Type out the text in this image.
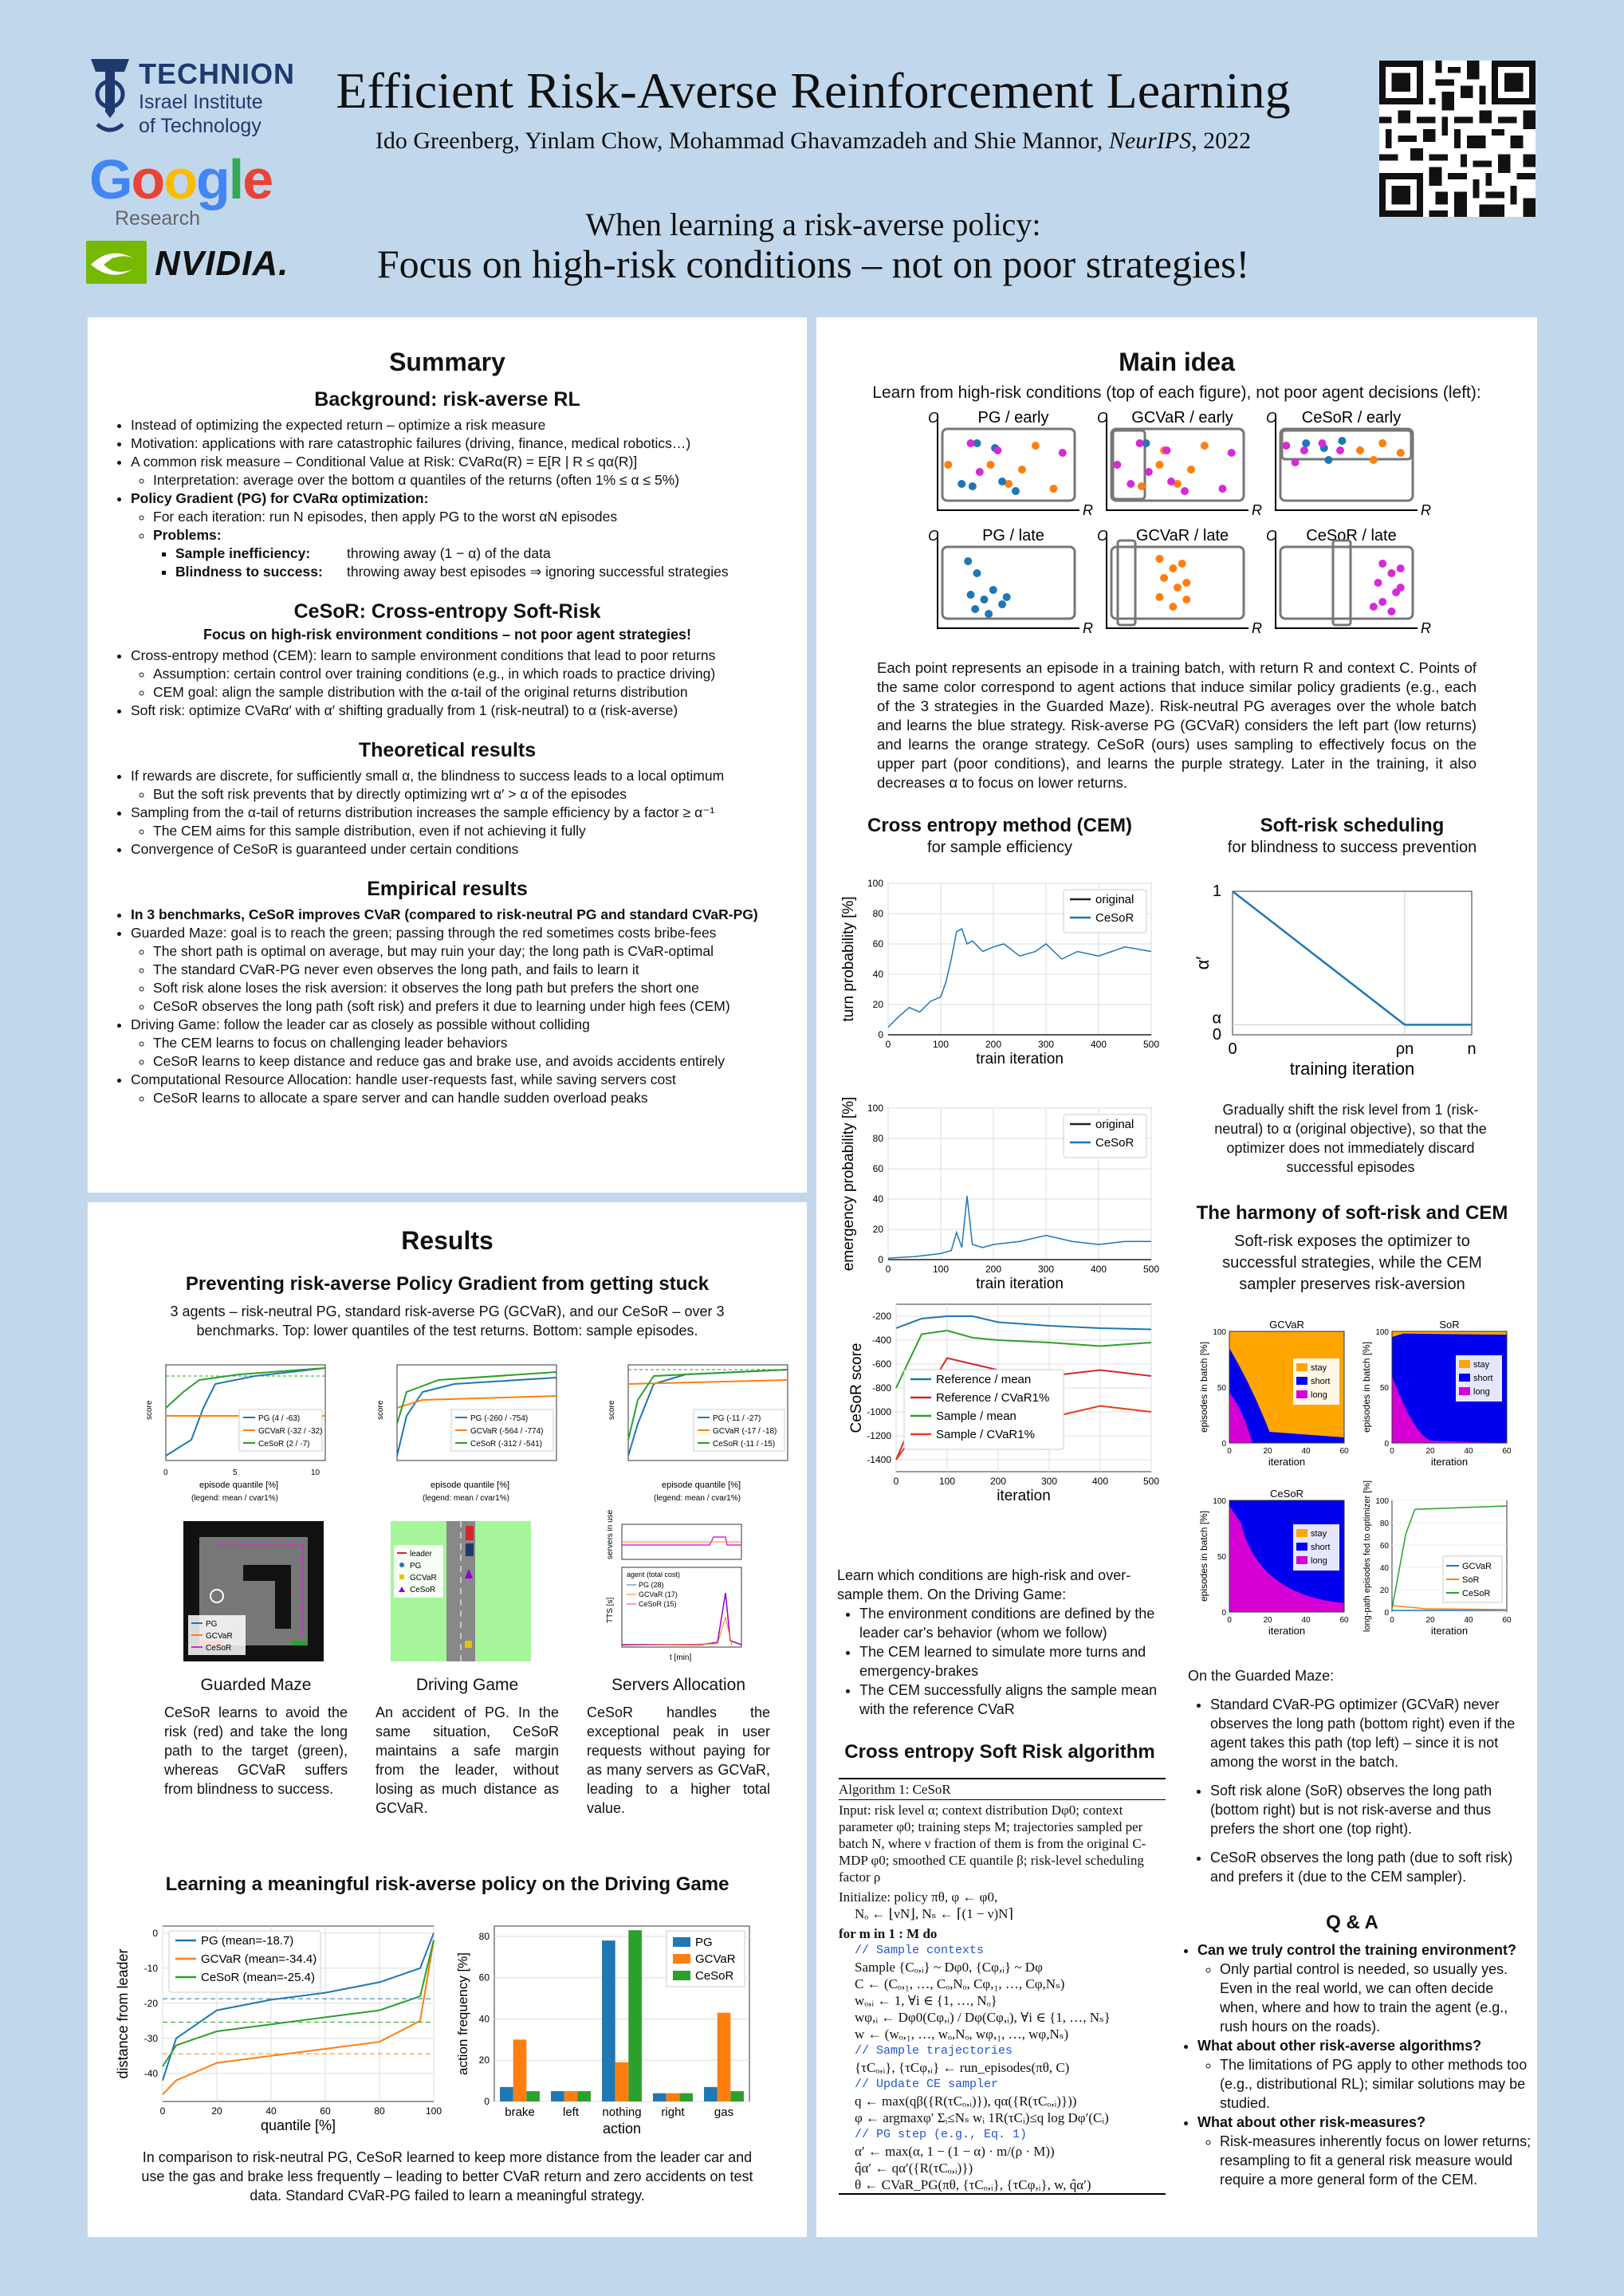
TECHNION
Israel Institute
of Technology
Google
Research
NVIDIA.
Efficient Risk-Averse Reinforcement Learning
Ido Greenberg, Yinlam Chow, Mohammad Ghavamzadeh and Shie Mannor, NeurIPS, 2022
When learning a risk-averse policy:
Focus on high-risk conditions – not on poor strategies!
Summary
Background: risk-averse RL
• Instead of optimizing the expected return – optimize a risk measure
• Motivation: applications with rare catastrophic failures (driving, finance, medical robotics…)
• A common risk measure – Conditional Value at Risk: CVaRα(R) = E[R | R ≤ qα(R)]
◦ Interpretation: average over the bottom α quantiles of the returns (often 1% ≤ α ≤ 5%)
• Policy Gradient (PG) for CVaRα optimization:
◦ For each iteration: run N episodes, then apply PG to the worst αN episodes
◦ Problems:
▪ Sample inefficiency:	throwing away (1 − α) of the data
▪ Blindness to success:	throwing away best episodes ⇒ ignoring successful strategies
CeSoR: Cross-entropy Soft-Risk
Focus on high-risk environment conditions – not poor agent strategies!
• Cross-entropy method (CEM): learn to sample environment conditions that lead to poor returns
◦ Assumption: certain control over training conditions (e.g., in which roads to practice driving)
◦ CEM goal: align the sample distribution with the α-tail of the original returns distribution
• Soft risk: optimize CVaRα′ with α′ shifting gradually from 1 (risk-neutral) to α (risk-averse)
Theoretical results
• If rewards are discrete, for sufficiently small α, the blindness to success leads to a local optimum
◦ But the soft risk prevents that by directly optimizing wrt α′ > α of the episodes
• Sampling from the α-tail of returns distribution increases the sample efficiency by a factor ≥ α⁻¹
◦ The CEM aims for this sample distribution, even if not achieving it fully
• Convergence of CeSoR is guaranteed under certain conditions
Empirical results
• In 3 benchmarks, CeSoR improves CVaR (compared to risk-neutral PG and standard CVaR-PG)
• Guarded Maze: goal is to reach the green; passing through the red sometimes costs bribe-fees
◦ The short path is optimal on average, but may ruin your day; the long path is CVaR-optimal
◦ The standard CVaR-PG never even observes the long path, and fails to learn it
◦ Soft risk alone loses the risk aversion: it observes the long path but prefers the short one
◦ CeSoR observes the long path (soft risk) and prefers it due to learning under high fees (CEM)
• Driving Game: follow the leader car as closely as possible without colliding
◦ The CEM learns to focus on challenging leader behaviors
◦ CeSoR learns to keep distance and reduce gas and brake use, and avoids accidents entirely
• Computational Resource Allocation: handle user-requests fast, while saving servers cost
◦ CeSoR learns to allocate a spare server and can handle sudden overload peaks
Results
Preventing risk-averse Policy Gradient from getting stuck
3 agents – risk-neutral PG, standard risk-averse PG (GCVaR), and our CeSoR – over 3 benchmarks. Top: lower quantiles of the test returns. Bottom: sample episodes.
score
0	5	10
episode quantile [%]
(legend: mean / cvar1%)
PG (4 / -63)
GCVaR (-32 / -32)
CeSoR (2 / -7)
score
episode quantile [%]
(legend: mean / cvar1%)
PG (-260 / -754)
GCVaR (-564 / -774)
CeSoR (-312 / -541)
score
episode quantile [%]
(legend: mean / cvar1%)
PG (-11 / -27)
GCVaR (-17 / -18)
CeSoR (-11 / -15)
PG
GCVaR
CeSoR
leader
PG
GCVaR
CeSoR
servers in use
TTS [s]
agent (total cost)
PG (28)
GCVaR (17)
CeSoR (15)
t [min]
Guarded Maze
CeSoR learns to avoid the risk (red) and take the long path to the target (green), whereas GCVaR suffers from blindness to success.
Driving Game
An accident of PG. In the same situation, CeSoR maintains a safe margin from the leader, without losing as much distance as GCVaR.
Servers Allocation
CeSoR handles the exceptional peak in user requests without paying for as many servers as GCVaR, leading to a higher total value.
Learning a meaningful risk-averse policy on the Driving Game
-40
-30
-20
-10
0
0	20	40	60	80	100
quantile [%]
distance from leader
PG (mean=-18.7)
GCVaR (mean=-34.4)
CeSoR (mean=-25.4)
0
20
40
60
80
brake left nothing right gas
action
action frequency [%]
PG
GCVaR
CeSoR
In comparison to risk-neutral PG, CeSoR learned to keep more distance from the leader car and use the gas and brake less frequently – leading to better CVaR return and zero accidents on test data. Standard CVaR-PG failed to learn a meaningful strategy.
Main idea
Learn from high-risk conditions (top of each figure), not poor agent decisions (left):
C
R
PG / early	C
R
GCVaR / early C
R
CeSoR / early
C
R
PG / late	C
R
GCVaR / late	C
R
CeSoR / late
Each point represents an episode in a training batch, with return R and context C. Points of the same color correspond to agent actions that induce similar policy gradients (e.g., each of the 3 strategies in the Guarded Maze). Risk-neutral PG averages over the whole batch and learns the blue strategy. Risk-averse PG (GCVaR) considers the left part (low returns) and learns the orange strategy. CeSoR (ours) uses sampling to effectively focus on the upper part (poor conditions), and learns the purple strategy. Later in the training, it also decreases α to focus on lower returns.
Cross entropy method (CEM)
for sample efficiency
0
20
40
60
80
100
0	100	200	300	400	500
train iteration
turn probability [%]	original
CeSoR
0
20
40
60
80
100
0	100	200	300	400	500
train iteration
emergency probability [%]	original
CeSoR
-1400
-1200
-1000
-800
-600
-400
-200
0	100	200	300	400	500
iteration
CeSoR score	Reference / mean
Reference / CVaR1%
Sample / mean
Sample / CVaR1%
Learn which conditions are high-risk and over-sample them. On the Driving Game:
• The environment conditions are defined by the leader car's behavior (whom we follow)
• The CEM learned to simulate more turns and emergency-brakes
• The CEM successfully aligns the sample mean with the reference CVaR
Cross entropy Soft Risk algorithm
Algorithm 1: CeSoR
Input: risk level α; context distribution Dφ0; context parameter φ0; training steps M; trajectories sampled per batch N, where ν fraction of them is from the original C-MDP φ0; smoothed CE quantile β; risk-level scheduling factor ρ
Initialize: policy πθ, φ ← φ0,
Nₒ ← ⌊νN⌋, Nₛ ← ⌈(1 − ν)N⌉
for m in 1 : M do
// Sample contexts
Sample {Cₒ,ᵢ} ~ Dφ0, {Cφ,ᵢ} ~ Dφ
C ← (Cₒ,₁, …, Cₒ,Nₒ, Cφ,₁, …, Cφ,Nₛ)
wₒ,ᵢ ← 1, ∀i ∈ {1, …, Nₒ}
wφ,ᵢ ← Dφ0(Cφ,ᵢ) / Dφ(Cφ,ᵢ), ∀i ∈ {1, …, Nₛ}
w ← (wₒ,₁, …, wₒ,Nₒ, wφ,₁, …, wφ,Nₛ)
// Sample trajectories
{τCₒ,ᵢ}, {τCφ,ᵢ} ← run_episodes(πθ, C)
// Update CE sampler
q ← max(qβ({R(τCₒ,ᵢ)}), qα({R(τCₒ,ᵢ)}))
φ ← argmaxφ′ Σᵢ≤Nₛ wᵢ 1R(τCᵢ)≤q log Dφ′(Cᵢ)
// PG step (e.g., Eq. 1)
α′ ← max(α, 1 − (1 − α) · m/(ρ · M))
q̂α′ ← qα′({R(τCₒ,ᵢ)})
θ ← CVaR_PG(πθ, {τCₒ,ᵢ}, {τCφ,ᵢ}, w, q̂α′)
Soft-risk scheduling
for blindness to success prevention
0	ρn	n
1
α
0
training iteration
α′
Gradually shift the risk level from 1 (risk-neutral) to α (original objective), so that the optimizer does not immediately discard successful episodes
The harmony of soft-risk and CEM
Soft-risk exposes the optimizer to successful strategies, while the CEM sampler preserves risk-aversion
GCVaR
stay
short
long
0	20	40	60
0
50
100
iteration
episodes in batch [%]
SoR
stay
short
long
0	20	40	60
0
50
100
iteration
episodes in batch [%]
CeSoR
stay
short
long
0	20	40	60
0
50
100
iteration
episodes in batch [%]	GCVaR
SoR
CeSoR
0	20	40	60
0
20
40
60
80
100
iteration
long-path episodes fed to optimizer [%]
On the Guarded Maze:
• Standard CVaR-PG optimizer (GCVaR) never observes the long path (bottom right) even if the agent takes this path (top left) – since it is not among the worst in the batch.
• Soft risk alone (SoR) observes the long path (bottom right) but is not risk-averse and thus prefers the short one (top right).
• CeSoR observes the long path (due to soft risk) and prefers it (due to the CEM sampler).
Q & A
• Can we truly control the training environment?
◦ Only partial control is needed, so usually yes. Even in the real world, we can often decide when, where and how to train the agent (e.g., rush hours on the roads).
• What about other risk-averse algorithms?
◦ The limitations of PG apply to other methods too (e.g., distributional RL); similar solutions may be studied.
• What about other risk-measures?
◦ Risk-measures inherently focus on lower returns; resampling to fit a general risk measure would require a more general form of the CEM.
